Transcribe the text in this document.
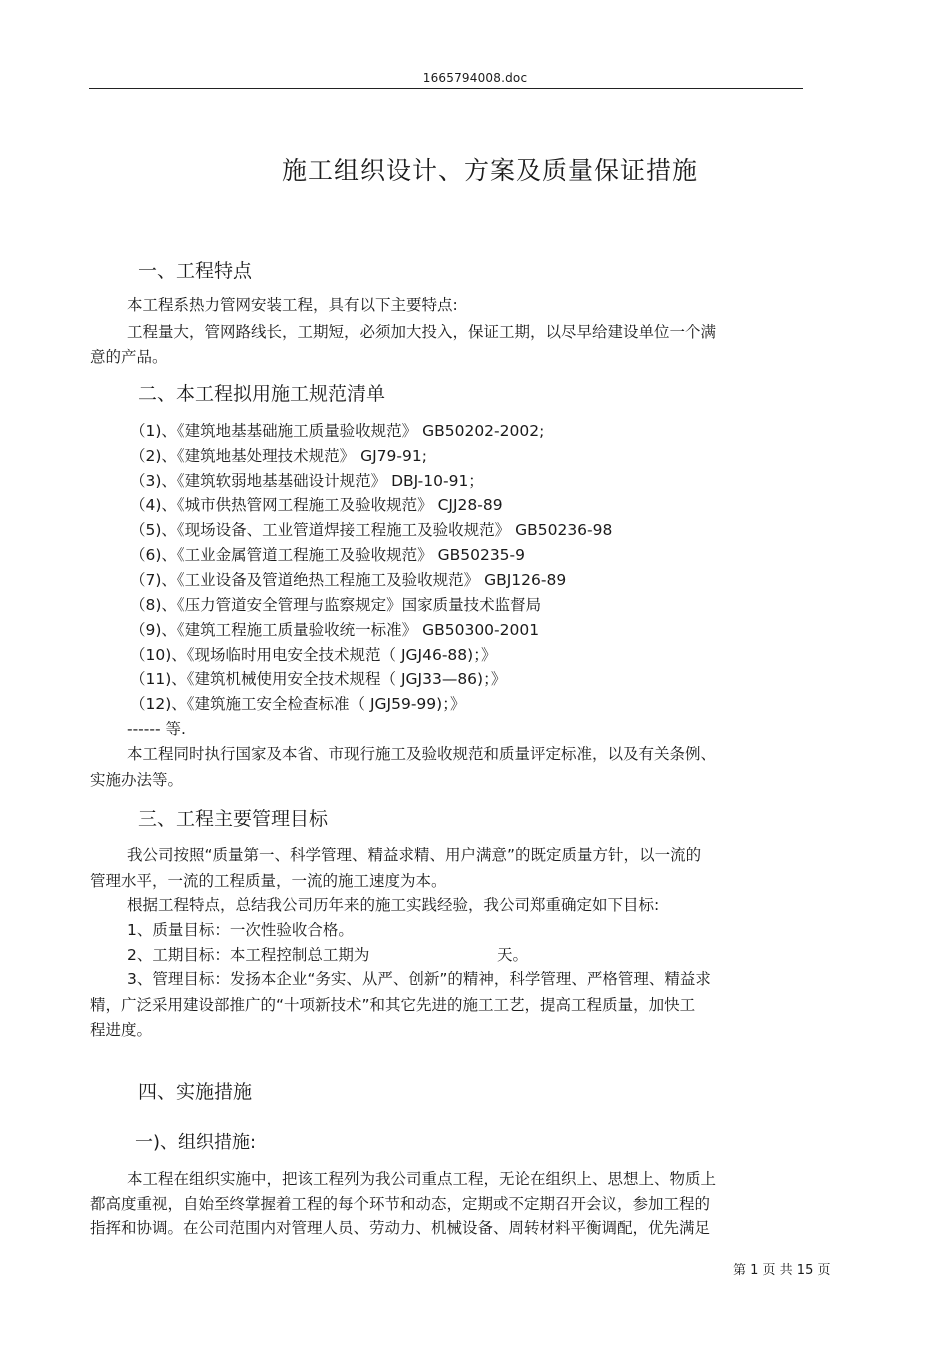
1665794008.doc
施工组织设计、方案及质量保证措施
一、工程特点
本工程系热力管网安装工程，具有以下主要特点:
工程量大，管网路线长，工期短，必须加大投入，保证工期，以尽早给建设单位一个满
意的产品。
二、本工程拟用施工规范清单
（1)、《建筑地基基础施工质量验收规范》 GB50202-2002;
（2)、《建筑地基处理技术规范》 GJ79-91;
（3)、《建筑软弱地基基础设计规范》 DBJ-10-91；
（4)、《城市供热管网工程施工及验收规范》 CJJ28-89
（5)、《现场设备、工业管道焊接工程施工及验收规范》 GB50236-98
（6)、《工业金属管道工程施工及验收规范》 GB50235-9
（7)、《工业设备及管道绝热工程施工及验收规范》 GBJ126-89
（8)、《压力管道安全管理与监察规定》国家质量技术监督局
（9)、《建筑工程施工质量验收统一标准》 GB50300-2001
（10)、《现场临时用电安全技术规范（ JGJ46-88)；》
（11)、《建筑机械使用安全技术规程（ JGJ33—86)；》
（12)、《建筑施工安全检查标准（ JGJ59-99)；》
------ 等.
本工程同时执行国家及本省、市现行施工及验收规范和质量评定标准，以及有关条例、
实施办法等。
三、工程主要管理目标
我公司按照“质量第一、科学管理、精益求精、用户满意”的既定质量方针，以一流的
管理水平，一流的工程质量，一流的施工速度为本。
根据工程特点，总结我公司历年来的施工实践经验，我公司郑重确定如下目标:
1、质量目标：一次性验收合格。
2、工期目标：本工程控制总工期为	天。
3、管理目标：发扬本企业“务实、从严、创新”的精神，科学管理、严格管理、精益求
精，广泛采用建设部推广的“十项新技术”和其它先进的施工工艺，提高工程质量，加快工
程进度。
四、实施措施
一)、组织措施:
本工程在组织实施中，把该工程列为我公司重点工程，无论在组织上、思想上、物质上
都高度重视，自始至终掌握着工程的每个环节和动态，定期或不定期召开会议，参加工程的
指挥和协调。在公司范围内对管理人员、劳动力、机械设备、周转材料平衡调配，优先满足
第 1 页 共 15 页
